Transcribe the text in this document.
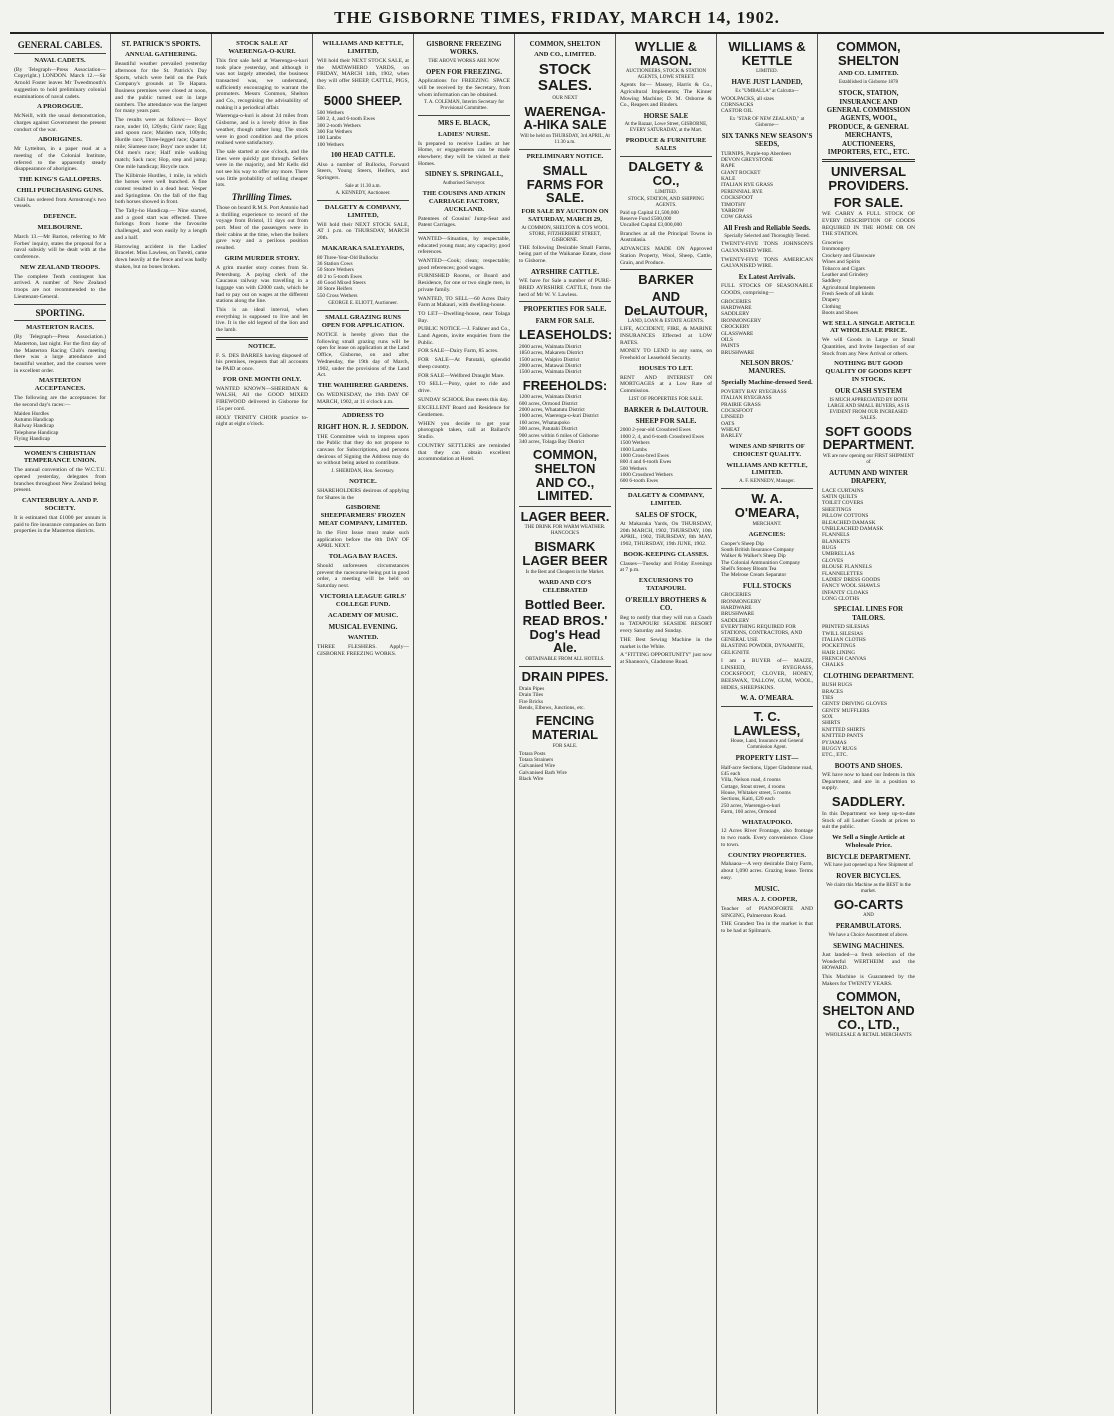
THE GISBORNE TIMES, FRIDAY, MARCH 14, 1902.
GENERAL CABLES.
NAVAL CADETS.

(By Telegraph—Press Association—Copyright.) LONDON. March 12.—Sir Arnold Foster leaves Mr Tweedmouth's suggestion to hold preliminary colonial examinations of naval cadets.

A PROROGUE.

McNeill, with the usual demonstration, charges against Government the present conduct of the war.

ABORIGINES.

Mr Lyttelton, in a paper read at a meeting of the Colonial Institute, referred to the apparently steady disappearance of aborigines.

THE KING'S GALLOPERS.
CHILI PURCHASING GUNS.

Chili has ordered from Armstrong's two vessels.

DEFENCE.
MELBOURNE.

March 13.—Mr Barton, referring to Mr Forbes' inquiry, states the proposal for a naval subsidy will be dealt with at the conference.

NEW ZEALAND TROOPS.

The complete Tenth contingent has arrived. A number of New Zealand troops are not recommended to the Lieutenant-General.

SPORTING.
MASTERTON RACES.

(By Telegraph—Press Association.) Masterton, last night. For the first day of the Masterton Racing Club's meeting there was a large attendance and beautiful weather, and the courses were in excellent order.

MASTERTON ACCEPTANCES.

The following are the acceptances for the second day's races:—

Maiden Hurdles
Autumn Handicap
Railway Handicap
Telephone Handicap
Flying Handicap
WOMEN'S CHRISTIAN TEMPERANCE UNION.

The annual convention of the W.C.T.U. opened yesterday, delegates from branches throughout New Zealand being present.

CANTERBURY A. AND P. SOCIETY.

It is estimated that £1000 per annum is paid to fire insurance companies on farm properties in the Masterton districts.

ST. PATRICK'S SPORTS.
ANNUAL GATHERING.

Beautiful weather prevailed yesterday afternoon for the St. Patrick's Day Sports, which were held on the Park Company's grounds at Te Hapara. Business premises were closed at noon, and the public turned out in large numbers. The attendance was the largest for many years past.

The results were as follows:— Boys' race, under 10, 120yds; Girls' race; Egg and spoon race; Maiden race, 100yds; Hurdle race; Three-legged race; Quarter mile; Siamese race; Boys' race under 14; Old men's race; Half mile walking match; Sack race; Hop, step and jump; One mile handicap; Bicycle race.

The Kilbirnie Hurdles, 1 mile, in which the horses were well bunched. A fine contest resulted in a dead heat. Vesper and Springtime. On the fall of the flag both horses showed in front.

The Tally-ho Handicap.— Nine started, and a good start was effected. Three furlongs from home the favourite challenged, and won easily by a length and a half.

Harrowing accident in the Ladies' Bracelet. Miss Lawless, on Tureiti, came down heavily at the fence and was badly shaken, but no bones broken.

STOCK SALE AT WAERENGA-O-KURI.

This first sale held at Waerenga-o-kuri took place yesterday, and although it was not largely attended, the business transacted was, we understand, sufficiently encouraging to warrant the promoters. Messrs Common, Shelton and Co., recognising the advisability of making it a periodical affair.

Waerenga-o-kuri is about 24 miles from Gisborne, and is a lovely drive in fine weather, though rather long. The stock were in good condition and the prices realised were satisfactory.

The sale started at one o'clock, and the lines were quickly got through. Sellers were in the majority, and Mr Kells did not see his way to offer any more. There was little probability of selling cheaper lots.

Thrilling Times.

Those on board R.M.S. Port Antonio had a thrilling experience to record of the voyage from Bristol, 11 days out from port. Most of the passengers were in their cabins at the time, when the boilers gave way and a perilous position resulted.

GRIM MURDER STORY.

A grim murder story comes from St. Petersburg. A paying clerk of the Caucasus railway was travelling in a luggage van with £2000 cash, which he had to pay out on wages at the different stations along the line.

This is an ideal interval, when everything is supposed to live and let live. It is the old legend of the lion and the lamb.

NOTICE.

F. S. DES BARRES having disposed of his premises, requests that all accounts be PAID at once.

FOR ONE MONTH ONLY.

WANTED KNOWN—SHERIDAN & WALSH, All the GOOD MIXED FIREWOOD delivered in Gisborne for 15s per cord.

HOLY TRINITY CHOIR practice to-night at eight o'clock.

WILLIAMS AND KETTLE, LIMITED,

Will hold their NEXT STOCK SALE, at the MATAWHERO YARDS, on FRIDAY, MARCH 14th, 1902, when they will offer SHEEP, CATTLE, PIGS, Etc.

5000 SHEEP.
500 Wethers
500 2, 4, and 6-tooth Ewes
300 2-tooth Wethers
300 Fat Wethers
100 Lambs
100 Wethers
100 HEAD CATTLE.

Also a number of Bullocks, Forward Steers, Young Steers, Heifers, and Springers.

Sale at 11.30 a.m.

A. KENNEDY, Auctioneer.

DALGETY & COMPANY, LIMITED,

Will hold their NEXT STOCK SALE, AT 1 p.m. on THURSDAY, MARCH 20th.

MAKARAKA SALEYARDS,
80 Three-Year-Old Bullocks
36 Station Cows
50 Store Wethers
40 2 to 5-tooth Ewes
40 Good Mixed Steers
30 Store Heifers
550 Cross Wethers

GEORGE E. ELIOTT, Auctioneer.

SMALL GRAZING RUNS OPEN FOR APPLICATION.

NOTICE is hereby given that the following small grazing runs will be open for lease on application at the Land Office, Gisborne, on and after Wednesday, the 19th day of March, 1902, under the provisions of the Land Act.

THE WAIHIRERE GARDENS.

On WEDNESDAY, the 19th DAY OF MARCH, 1902, at 11 o'clock a.m.

ADDRESS TO
RIGHT HON. R. J. SEDDON.

THE Committee wish to impress upon the Public that they do not propose to canvass for Subscriptions, and persons desirous of Signing the Address may do so without being asked to contribute.

J. SHERIDAN, Hon. Secretary.

NOTICE.

SHAREHOLDERS desirous of applying for Shares in the

GISBORNE SHEEPFARMERS' FROZEN MEAT COMPANY, LIMITED.

In the First Issue must make such application before the 8th DAY OF APRIL NEXT.

TOLAGA BAY RACES.

Should unforeseen circumstances prevent the racecourse being put in good order, a meeting will be held on Saturday next.

VICTORIA LEAGUE GIRLS' COLLEGE FUND.
ACADEMY OF MUSIC.
MUSICAL EVENING.
WANTED.

THREE FLESHERS. Apply—GISBORNE FREEZING WORKS.

GISBORNE FREEZING WORKS.

THE ABOVE WORKS ARE NOW

OPEN FOR FREEZING.

Applications for FREEZING SPACE will be received by the Secretary, from whom information can be obtained.

T. A. COLEMAN, Interim Secretary for Provisional Committee.

MRS E. BLACK,
LADIES' NURSE.

Is prepared to receive Ladies at her Home, or engagements can be made elsewhere; they will be visited at their Homes.

SIDNEY S. SPRINGALL,

Authorised Surveyor.

THE COUSINS AND ATKIN CARRIAGE FACTORY, AUCKLAND.

Patentees of Cousins' Jump-Seat and Patent Carriages.

WANTED—Situation, by respectable, educated young man; any capacity; good references.

WANTED—Cook; clean; respectable; good references; good wages.

FURNISHED Rooms, or Board and Residence, for one or two single men, in private family.

WANTED, TO SELL—60 Acres Dairy Farm at Makauri, with dwelling-house.

TO LET—Dwelling-house, near Tolaga Bay.

PUBLIC NOTICE.—J. Falkner and Co., Land Agents, invite enquiries from the Public.

FOR SALE—Dairy Farm, 85 acres.

FOR SALE—At Patutahi, splendid sheep country.

FOR SALE—Wellbred Draught Mare.

TO SELL—Pony, quiet to ride and drive.

SUNDAY SCHOOL Bus meets this day.

EXCELLENT Board and Residence for Gentlemen.

WHEN you decide to get your photograph taken, call at Ballard's Studio.

COUNTRY SETTLERS are reminded that they can obtain excellent accommodation at Hotel.

COMMON, SHELTON
AND CO., LIMITED.
STOCK SALES.

OUR NEXT

WAERENGA-A-HIKA SALE

Will be held on THURSDAY, 3rd APRIL, At 11.30 a.m.

PRELIMINARY NOTICE.
SMALL FARMS FOR SALE.
FOR SALE BY AUCTION ON SATURDAY, MARCH 29,

At COMMON, SHELTON & CO'S WOOL STORE, FITZHERBERT STREET, GISBORNE.

THE following Desirable Small Farms, being part of the Waikanae Estate, close to Gisborne.

AYRSHIRE CATTLE.

WE have for Sale a number of PURE-BRED AYRSHIRE CATTLE, from the herd of Mr W. V. Lawless.

PROPERTIES FOR SALE.
FARM FOR SALE.
LEASEHOLDS:
2000 acres, Waimata District
1850 acres, Makaretu District
1500 acres, Waipiro District
2000 acres, Matawai District
1500 acres, Waimata District
FREEHOLDS:
1200 acres, Waimata District
600 acres, Ormond District
2000 acres, Whatatutu District
1600 acres, Waerenga-o-kuri District
160 acres, Whataupoko
300 acres, Patutahi District
900 acres within 6 miles of Gisborne
340 acres, Tolaga Bay District
COMMON, SHELTON AND CO., LIMITED.
LAGER BEER.

THE DRINK FOR WARM WEATHER. HANCOCK'S

BISMARK LAGER BEER

Is the Best and Cheapest in the Market.

WARD AND CO'S CELEBRATED
Bottled Beer.
READ BROS.' Dog's Head Ale.

OBTAINABLE FROM ALL HOTELS.

DRAIN PIPES.
Drain Pipes
Drain Tiles
Fire Bricks
Bends, Elbows, Junctions, etc.
FENCING MATERIAL

FOR SALE.

Totara Posts
Totara Strainers
Galvanised Wire
Galvanised Barb Wire
Black Wire
WYLLIE & MASON.

AUCTIONEERS, STOCK & STATION AGENTS, LOWE STREET.

Agents for— Massey, Harris & Co., Agricultural Implements; The Kinner Mowing Machine; D. M. Osborne & Co., Reapers and Binders.

HORSE SALE

At the Bazaar, Lowe Street, GISBORNE, EVERY SATURADAY, at the Mart.

PRODUCE & FURNITURE SALES
DALGETY & CO.,

LIMITED.

STOCK, STATION, AND SHIPPING AGENTS.

Paid up Capital £1,500,000
Reserve Fund £500,000
Uncalled Capital £3,000,000

Branches at all the Principal Towns in Australasia.

ADVANCES MADE ON Approved Station Property, Wool, Sheep, Cattle, Grain, and Produce.

BARKER
AND DeLAUTOUR,

LAND, LOAN & ESTATE AGENTS.

LIFE, ACCIDENT, FIRE, & MARINE INSURANCES Effected at LOW RATES.

MONEY TO LEND in any sums, on Freehold or Leasehold Security.

HOUSES TO LET.

RENT AND INTEREST ON MORTGAGES at a Low Rate of Commission.

LIST OF PROPERTIES FOR SALE.

BARKER & DeLAUTOUR.
SHEEP FOR SALE.
2000 2-year-old Crossbred Ewes
1000 2, 4, and 6-tooth Crossbred Ewes
1500 Wethers
1000 Lambs
1000 Cross-bred Ewes
800 4 and 6-tooth Ewes
500 Wethers
1000 Crossbred Wethers
600 6-tooth Ewes
DALGETY & COMPANY, LIMITED.
SALES OF STOCK,

At Makaraka Yards, On THURSDAY, 20th MARCH, 1902, THURSDAY, 10th APRIL, 1902, THURSDAY, 8th MAY, 1902, THURSDAY, 19th JUNE, 1902.

BOOK-KEEPING CLASSES.

Classes—Tuesday and Friday Evenings at 7 p.m.

EXCURSIONS TO TATAPOURI.
O'REILLY BROTHERS & CO.

Beg to notify that they will run a Coach to TATAPOURI SEASIDE RESORT every Saturday and Sunday.

THE Best Sewing Machine in the market is the White.

A "FITTING OPPORTUNITY" just now at Shannon's, Gladstone Road.

WILLIAMS & KETTLE

LIMITED.

HAVE JUST LANDED,

Ex "UMBALLA" at Calcutta—

WOOLPACKS, all sizes
CORNSACKS
CASTOR OIL

Ex "STAR OF NEW ZEALAND," at Gisborne—

SIX TANKS NEW SEASON'S SEEDS,
TURNIPS, Purple-top Aberdeen
DEVON GREYSTONE
RAPE
GIANT ROCKET
KALE
ITALIAN RYE GRASS
PERENNIAL RYE
COCKSFOOT
TIMOTHY
YARROW
COW GRASS
All Fresh and Reliable Seeds.

Specially Selected and Thoroughly Tested.

TWENTY-FIVE TONS JOHNSON'S GALVANISED WIRE.

TWENTY-FIVE TONS AMERICAN GALVANISED WIRE.

Ex Latest Arrivals.

FULL STOCKS OF SEASONABLE GOODS, comprising—

GROCERIES
HARDWARE
SADDLERY
IRONMONGERY
CROCKERY
GLASSWARE
OILS
PAINTS
BRUSHWARE
NELSON BROS.' MANURES.
Specially Machine-dressed Seed.
POVERTY BAY RYEGRASS
ITALIAN RYEGRASS
PRAIRIE GRASS
COCKSFOOT
LINSEED
OATS
WHEAT
BARLEY
WINES AND SPIRITS OF CHOICEST QUALITY.
WILLIAMS AND KETTLE, LIMITED.

A. F. KENNEDY, Manager.

W. A. O'MEARA,

MERCHANT.

AGENCIES:
Cooper's Sheep Dip
South British Insurance Company
Walker & Walker's Sheep Dip
The Colonial Ammunition Company
Shell's Stoney Bloom Tea
The Melrose Cream Separator
FULL STOCKS
GROCERIES
IRONMONGERY
HARDWARE
BRUSHWARE
SADDLERY
EVERYTHING REQUIRED FOR STATIONS, CONTRACTORS, AND GENERAL USE
BLASTING POWDER, DYNAMITE, GELIGNITE

I am a BUYER of— MAIZE, LINSEED, RYEGRASS, COCKSFOOT, CLOVER, HONEY, BEESWAX, TALLOW, GUM, WOOL, HIDES, SHEEPSKINS.

W. A. O'MEARA.
T. C. LAWLESS,

House, Land, Insurance and General Commission Agent.

PROPERTY LIST—
Half-acre Sections, Upper Gladstone road, £45 each
Villa, Nelson road, 4 rooms
Cottage, Stout street, 4 rooms
House, Whitaker street, 5 rooms
Sections, Kaiti, £20 each
250 acres, Waerenga-o-kuri
Farm, 160 acres, Ormond
WHATAUPOKO.

12 Acres River Frontage, also frontage to two roads. Every convenience. Close to town.

COUNTRY PROPERTIES.

Mahaaoa—A very desirable Dairy Farm, about 1,090 acres. Grazing lease. Terms easy.

MUSIC.
MRS A. J. COOPER,

Teacher of PIANOFORTE AND SINGING, Palmerston Road.

THE Grandest Tea in the market is that to be had at Spilman's.

COMMON, SHELTON
AND CO. LIMITED.

Established in Gisborne 1878

STOCK, STATION, INSURANCE AND GENERAL COMMISSION AGENTS, WOOL, PRODUCE, & GENERAL MERCHANTS, AUCTIONEERS, IMPORTERS, ETC., ETC.
UNIVERSAL PROVIDERS.
FOR SALE.

WE CARRY A FULL STOCK OF EVERY DESCRIPTION OF GOODS REQUIRED IN THE HOME OR ON THE STATION.

Groceries
Ironmongery
Crockery and Glassware
Wines and Spirits
Tobacco and Cigars
Leather and Grindery
Saddlery
Agricultural Implements
Fresh Seeds of all kinds
Drapery
Clothing
Boots and Shoes
WE SELL A SINGLE ARTICLE AT WHOLESALE PRICE.

We will Goods in Large or Small Quantities, and Invite Inspection of our Stock from any New Arrival or others.

NOTHING BUT GOOD QUALITY OF GOODS KEPT IN STOCK.
OUR CASH SYSTEM

IS MUCH APPRECIATED BY BOTH LARGE AND SMALL BUYERS, AS IS EVIDENT FROM OUR INCREASED SALES.

SOFT GOODS DEPARTMENT.

WE are now opening our FIRST SHIPMENT of

AUTUMN AND WINTER DRAPERY,
LACE CURTAINS
SATIN QUILTS
TOILET COVERS
SHEETINGS
PILLOW COTTONS
BLEACHED DAMASK
UNBLEACHED DAMASK
FLANNELS
BLANKETS
RUGS
UMBRELLAS
GLOVES
BLOUSE FLANNELS
FLANNELETTES
LADIES' DRESS GOODS
FANCY WOOL SHAWLS
INFANTS' CLOAKS
LONG CLOTHS
SPECIAL LINES FOR TAILORS.
PRINTED SILESIAS
TWILL SILESIAS
ITALIAN CLOTHS
POCKETINGS
HAIR LINING
FRENCH CANVAS
CHALKS
CLOTHING DEPARTMENT.
BUSH RUGS
BRACES
TIES
GENTS' DRIVING GLOVES
GENTS' MUFFLERS
SOX
SHIRTS
KNITTED SHIRTS
KNITTED PANTS
PYJAMAS
BUGGY RUGS
ETC., ETC.
BOOTS AND SHOES.

WE have now to hand our Indents in this Department, and are in a position to supply.

SADDLERY.

In this Department we keep up-to-date Stock of all Leather Goods at prices to suit the public.

We Sell a Single Article at Wholesale Price.
BICYCLE DEPARTMENT.

WE have just opened up a New Shipment of

ROVER BICYCLES.

We claim this Machine as the BEST in the market.

GO-CARTS

AND

PERAMBULATORS.

We have a Choice Assortment of above.

SEWING MACHINES.

Just landed—a fresh selection of the Wonderful WERTHEIM and the HOWARD.

This Machine is Guaranteed by the Makers for TWENTY YEARS.

COMMON, SHELTON AND CO., LTD.,

WHOLESALE & RETAIL MERCHANTS
